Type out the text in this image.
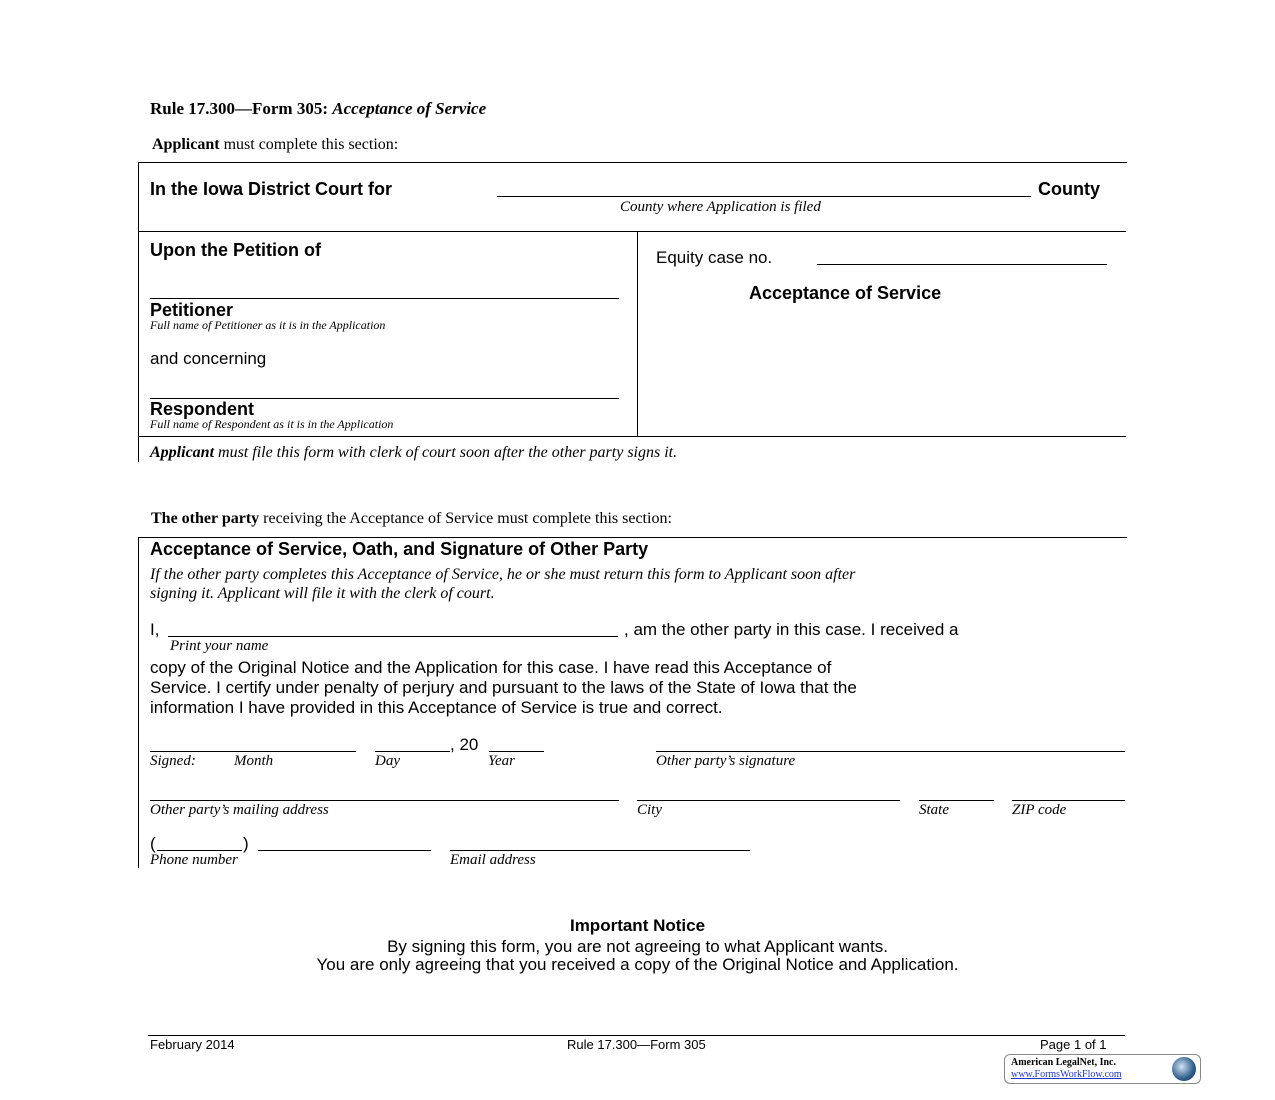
Rule 17.300—Form 305: Acceptance of Service
Applicant must complete this section:
In the Iowa District Court for	County
County where Application is filed
Upon the Petition of
Petitioner
Full name of Petitioner as it is in the Application
and concerning
Respondent
Full name of Respondent as it is in the Application
Equity case no.
Acceptance of Service
Applicant must file this form with clerk of court soon after the other party signs it.
The other party receiving the Acceptance of Service must complete this section:
Acceptance of Service, Oath, and Signature of Other Party
If the other party completes this Acceptance of Service, he or she must return this form to Applicant soon after
signing it. Applicant will file it with the clerk of court.
I,	, am the other party in this case. I received a
Print your name
copy of the Original Notice and the Application for this case. I have read this Acceptance of
Service. I certify under penalty of perjury and pursuant to the laws of the State of Iowa that the
information I have provided in this Acceptance of Service is true and correct.
, 20
Signed:	Month	Day	Year	Other party’s signature
Other party’s mailing address	City	State	ZIP code
(	)
Phone number	Email address
Important Notice
By signing this form, you are not agreeing to what Applicant wants.
You are only agreeing that you received a copy of the Original Notice and Application.
February 2014	Rule 17.300—Form 305	Page 1 of 1
American LegalNet, Inc.
www.FormsWorkFlow.com
